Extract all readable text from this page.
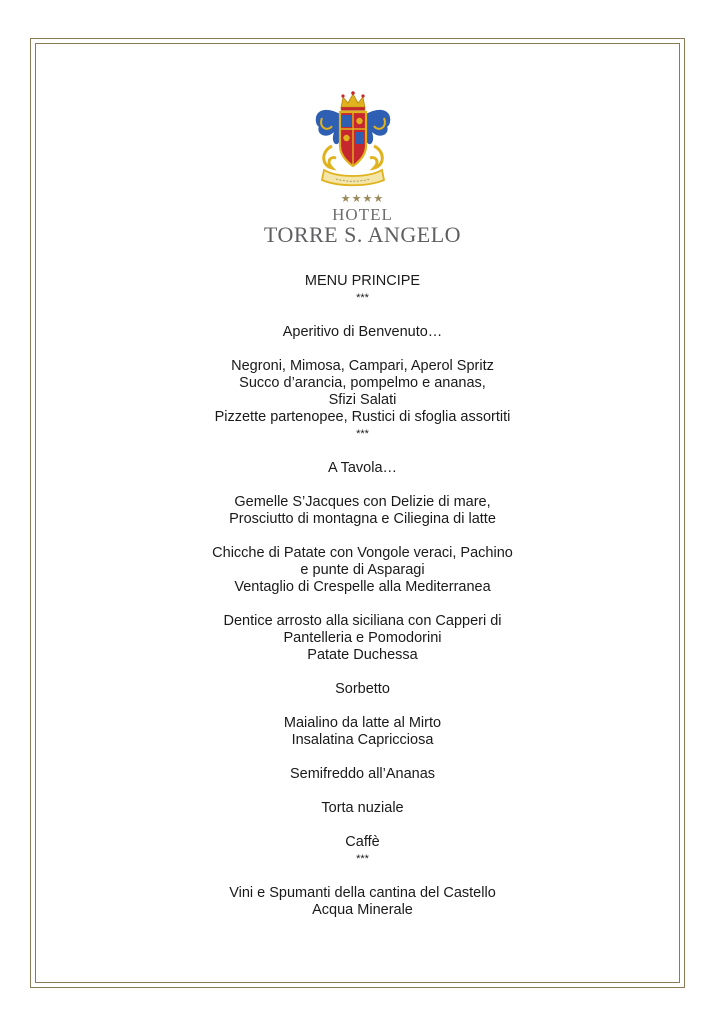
★★★★
HOTEL
TORRE S. ANGELO
MENU PRINCIPE
***
Aperitivo di Benvenuto…
Negroni, Mimosa, Campari, Aperol Spritz
Succo d’arancia, pompelmo e ananas,
Sfizi Salati
Pizzette partenopee, Rustici di sfoglia assortiti
***
A Tavola…
Gemelle S’Jacques con Delizie di mare,
Prosciutto di montagna e Ciliegina di latte
Chicche di Patate con Vongole veraci, Pachino
e punte di Asparagi
Ventaglio di Crespelle alla Mediterranea
Dentice arrosto alla siciliana con Capperi di
Pantelleria e Pomodorini
Patate Duchessa
Sorbetto
Maialino da latte al Mirto
Insalatina Capricciosa
Semifreddo all’Ananas
Torta nuziale
Caffè
***
Vini e Spumanti della cantina del Castello
Acqua Minerale
